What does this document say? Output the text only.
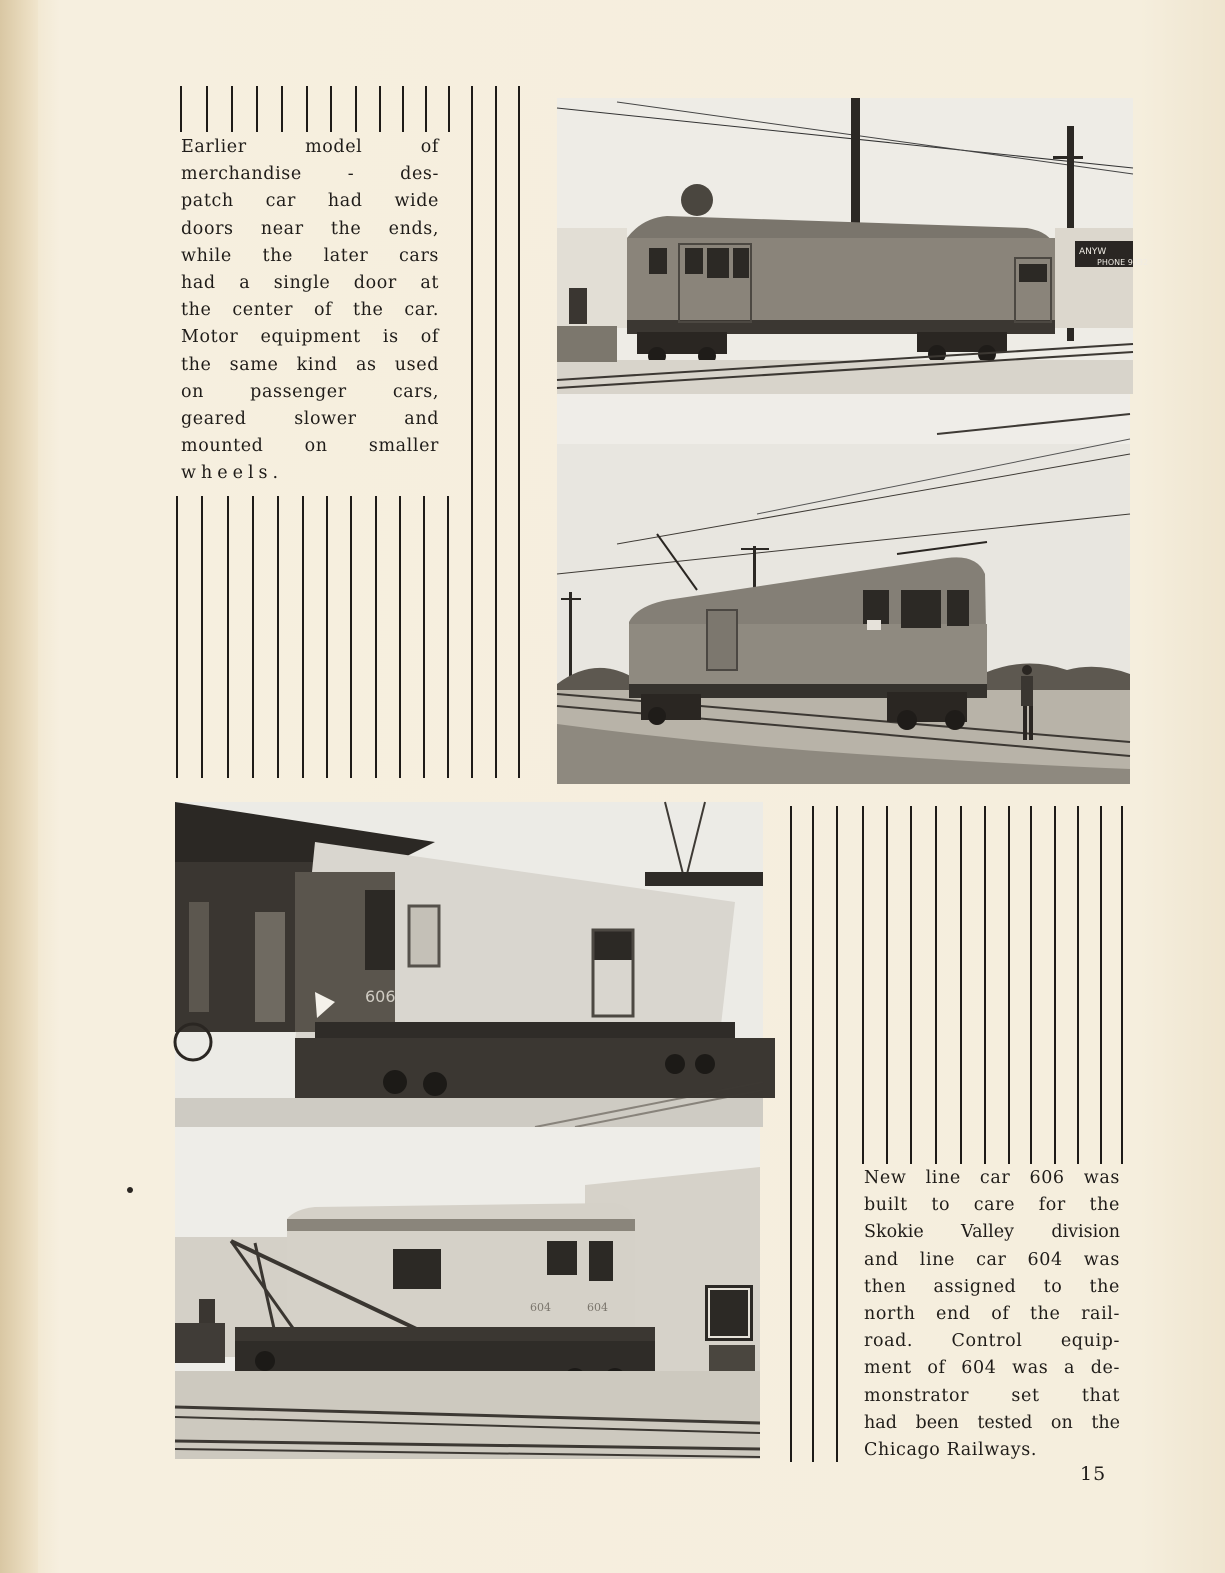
Earlier model of
merchandise - des-
patch car had wide
doors near the ends,
while the later cars
had a single door at
the center of the car.
Motor equipment is of
the same kind as used
on passenger cars,
geared slower and
mounted on smaller
wheels.
ANYW
PHONE 9332
606
604	604
New line car 606 was
built to care for the
Skokie Valley division
and line car 604 was
then assigned to the
north end of the rail-
road. Control equip-
ment of 604 was a de-
monstrator set that
had been tested on the
Chicago Railways.
15
